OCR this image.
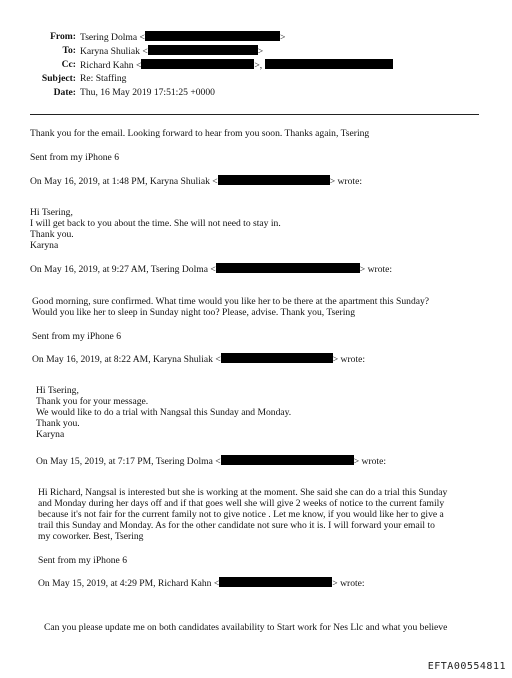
From: Tsering Dolma <	>
To: Karyna Shuliak <	>
Cc: Richard Kahn <	>,
Subject: Re: Staffing
Date: Thu, 16 May 2019 17:51:25 +0000
Thank you for the email. Looking forward to hear from you soon. Thanks again, Tsering
Sent from my iPhone 6
On May 16, 2019, at 1:48 PM, Karyna Shuliak <	> wrote:
Hi Tsering,
I will get back to you about the time. She will not need to stay in.
Thank you.
Karyna
On May 16, 2019, at 9:27 AM, Tsering Dolma <	> wrote:
Good morning, sure confirmed. What time would you like her to be there at the apartment this Sunday?
Would you like her to sleep in Sunday night too? Please, advise. Thank you, Tsering
Sent from my iPhone 6
On May 16, 2019, at 8:22 AM, Karyna Shuliak <	> wrote:
Hi Tsering,
Thank you for your message.
We would like to do a trial with Nangsal this Sunday and Monday.
Thank you.
Karyna
On May 15, 2019, at 7:17 PM, Tsering Dolma <	> wrote:
Hi Richard, Nangsal is interested but she is working at the moment. She said she can do a trial this Sunday
and Monday during her days off and if that goes well she will give 2 weeks of notice to the current family
because it's not fair for the current family not to give notice . Let me know, if you would like her to give a
trail this Sunday and Monday. As for the other candidate not sure who it is. I will forward your email to
my coworker. Best, Tsering
Sent from my iPhone 6
On May 15, 2019, at 4:29 PM, Richard Kahn <	> wrote:
Can you please update me on both candidates availability to Start work for Nes Llc and what you believe
EFTA00554811
